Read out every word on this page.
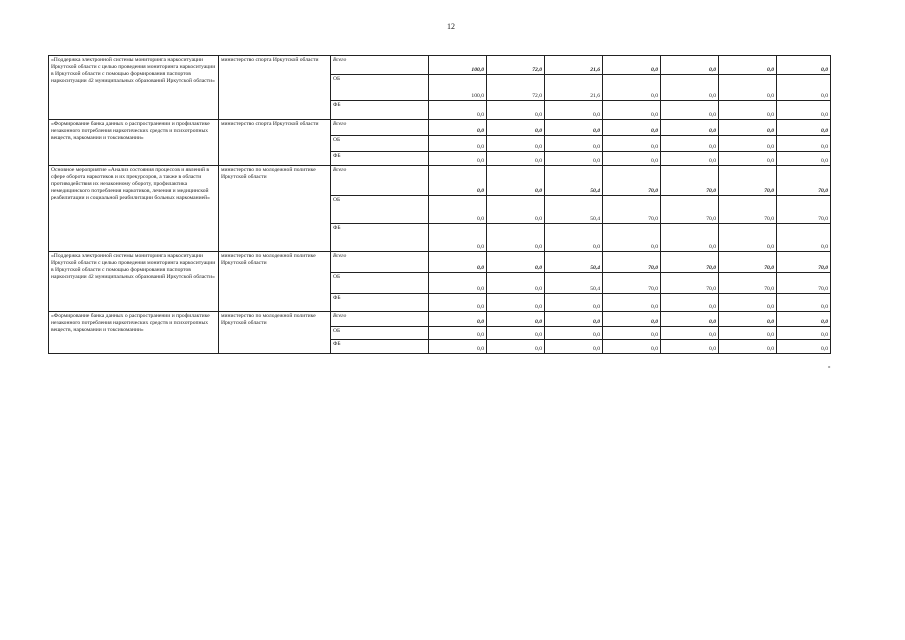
12
«Поддержка электронной системы мониторинга наркоситуации Иркутской области с целью проведения мониторинга наркоситуации в Иркутской области с помощью формирования паспортов наркоситуации 42 муниципальных образований Иркутской области»	министерство спорта Иркутской области	Всего	100,0	72,0	21,6	0,0	0,0	0,0	0,0
		ОБ	100,0	72,0	21,6	0,0	0,0	0,0	0,0
		ФБ	0,0	0,0	0,0	0,0	0,0	0,0	0,0
«Формирование банка данных о распространении и профилактике незаконного потребления наркотических средств и психотропных веществ, наркомании и токсикомании»	министерство спорта Иркутской области	Всего	0,0	0,0	0,0	0,0	0,0	0,0	0,0
		ОБ	0,0	0,0	0,0	0,0	0,0	0,0	0,0
		ФБ	0,0	0,0	0,0	0,0	0,0	0,0	0,0
Основное мероприятие «Анализ состояния процессов и явлений в сфере оборота наркотиков и их прекурсоров, а также в области противодействия их незаконному обороту, профилактика немедицинского потребления наркотиков, лечения и медицинской реабилитации и социальной реабилитации больных наркоманией»	министерство по молодежной политике Иркутской области	Всего	0,0	0,0	50,4	70,0	70,0	70,0	70,0
		ОБ	0,0	0,0	50,4	70,0	70,0	70,0	70,0
		ФБ	0,0	0,0	0,0	0,0	0,0	0,0	0,0
«Поддержка электронной системы мониторинга наркоситуации Иркутской области с целью проведения мониторинга наркоситуации в Иркутской области с помощью формирования паспортов наркоситуации 42 муниципальных образований Иркутской области»	министерство по молодежной политике Иркутской области	Всего	0,0	0,0	50,4	70,0	70,0	70,0	70,0
		ОБ	0,0	0,0	50,4	70,0	70,0	70,0	70,0
		ФБ	0,0	0,0	0,0	0,0	0,0	0,0	0,0
«Формирование банка данных о распространении и профилактике незаконного потребления наркотических средств и психотропных веществ, наркомании и токсикомании»	министерство по молодежной политике Иркутской области	Всего	0,0	0,0	0,0	0,0	0,0	0,0	0,0
		ОБ	0,0	0,0	0,0	0,0	0,0	0,0	0,0
		ФБ	0,0	0,0	0,0	0,0	0,0	0,0	0,0
»
